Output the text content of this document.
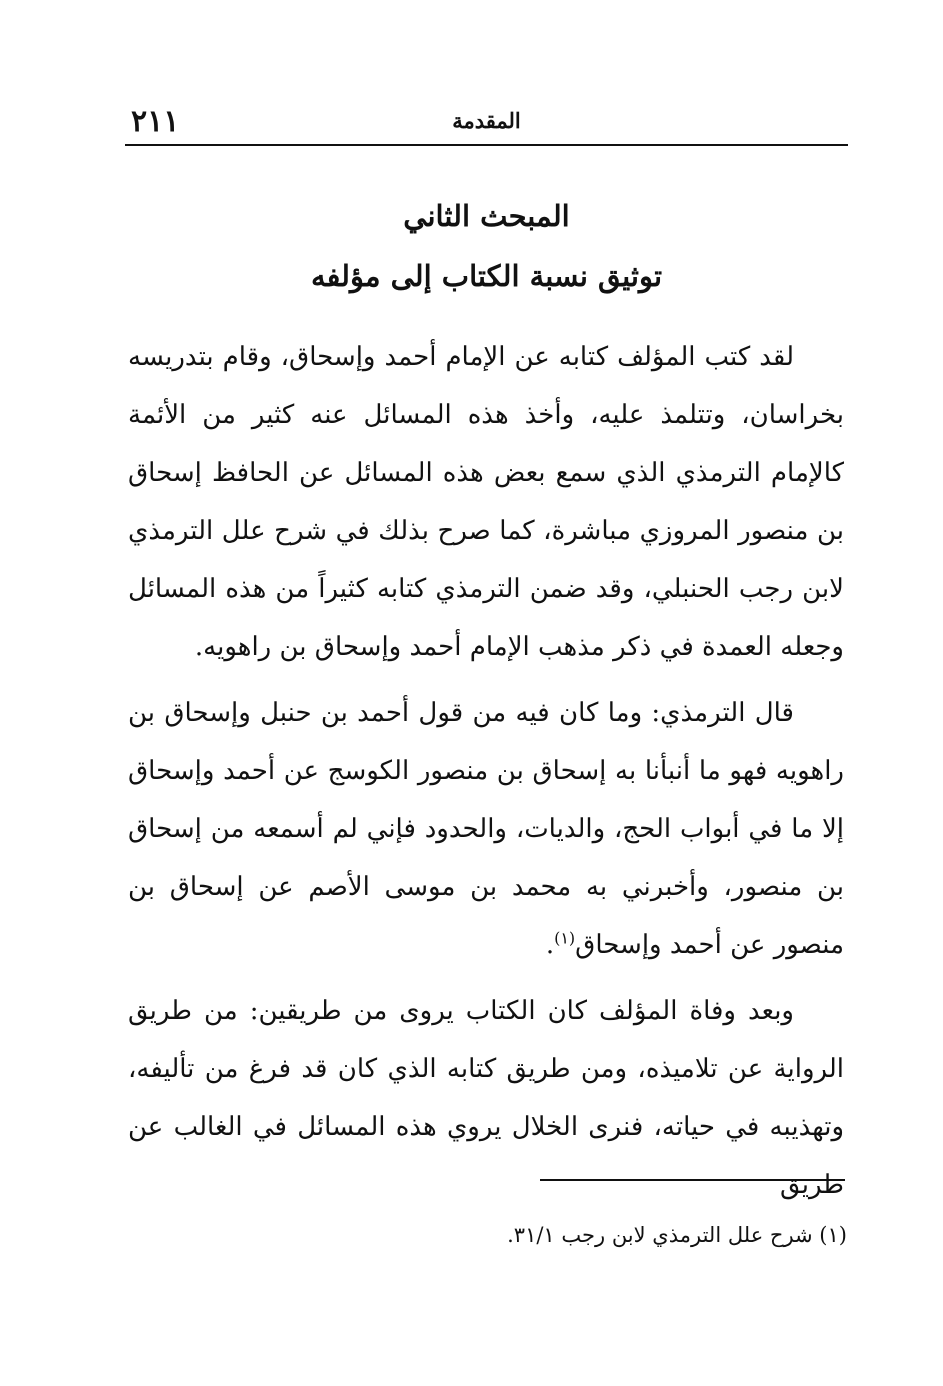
المقدمة
٢١١
المبحث الثاني
توثيق نسبة الكتاب إلى مؤلفه

لقد كتب المؤلف كتابه عن الإمام أحمد وإسحاق، وقام بتدريسه بخراسان، وتتلمذ عليه، وأخذ هذه المسائل عنه كثير من الأئمة كالإمام الترمذي الذي سمع بعض هذه المسائل عن الحافظ إسحاق بن منصور المروزي مباشرة، كما صرح بذلك في شرح علل الترمذي لابن رجب الحنبلي، وقد ضمن الترمذي كتابه كثيراً من هذه المسائل وجعله العمدة في ذكر مذهب الإمام أحمد وإسحاق بن راهويه.

قال الترمذي: وما كان فيه من قول أحمد بن حنبل وإسحاق بن راهويه فهو ما أنبأنا به إسحاق بن منصور الكوسج عن أحمد وإسحاق إلا ما في أبواب الحج، والديات، والحدود فإني لم أسمعه من إسحاق بن منصور، وأخبرني به محمد بن موسى الأصم عن إسحاق بن منصور عن أحمد وإسحاق$^{(١)}$.

وبعد وفاة المؤلف كان الكتاب يروى من طريقين: من طريق الرواية عن تلاميذه، ومن طريق كتابه الذي كان قد فرغ من تأليفه، وتهذيبه في حياته، فنرى الخلال يروي هذه المسائل في الغالب عن طريق

(١) شرح علل الترمذي لابن رجب ٣١/١.
